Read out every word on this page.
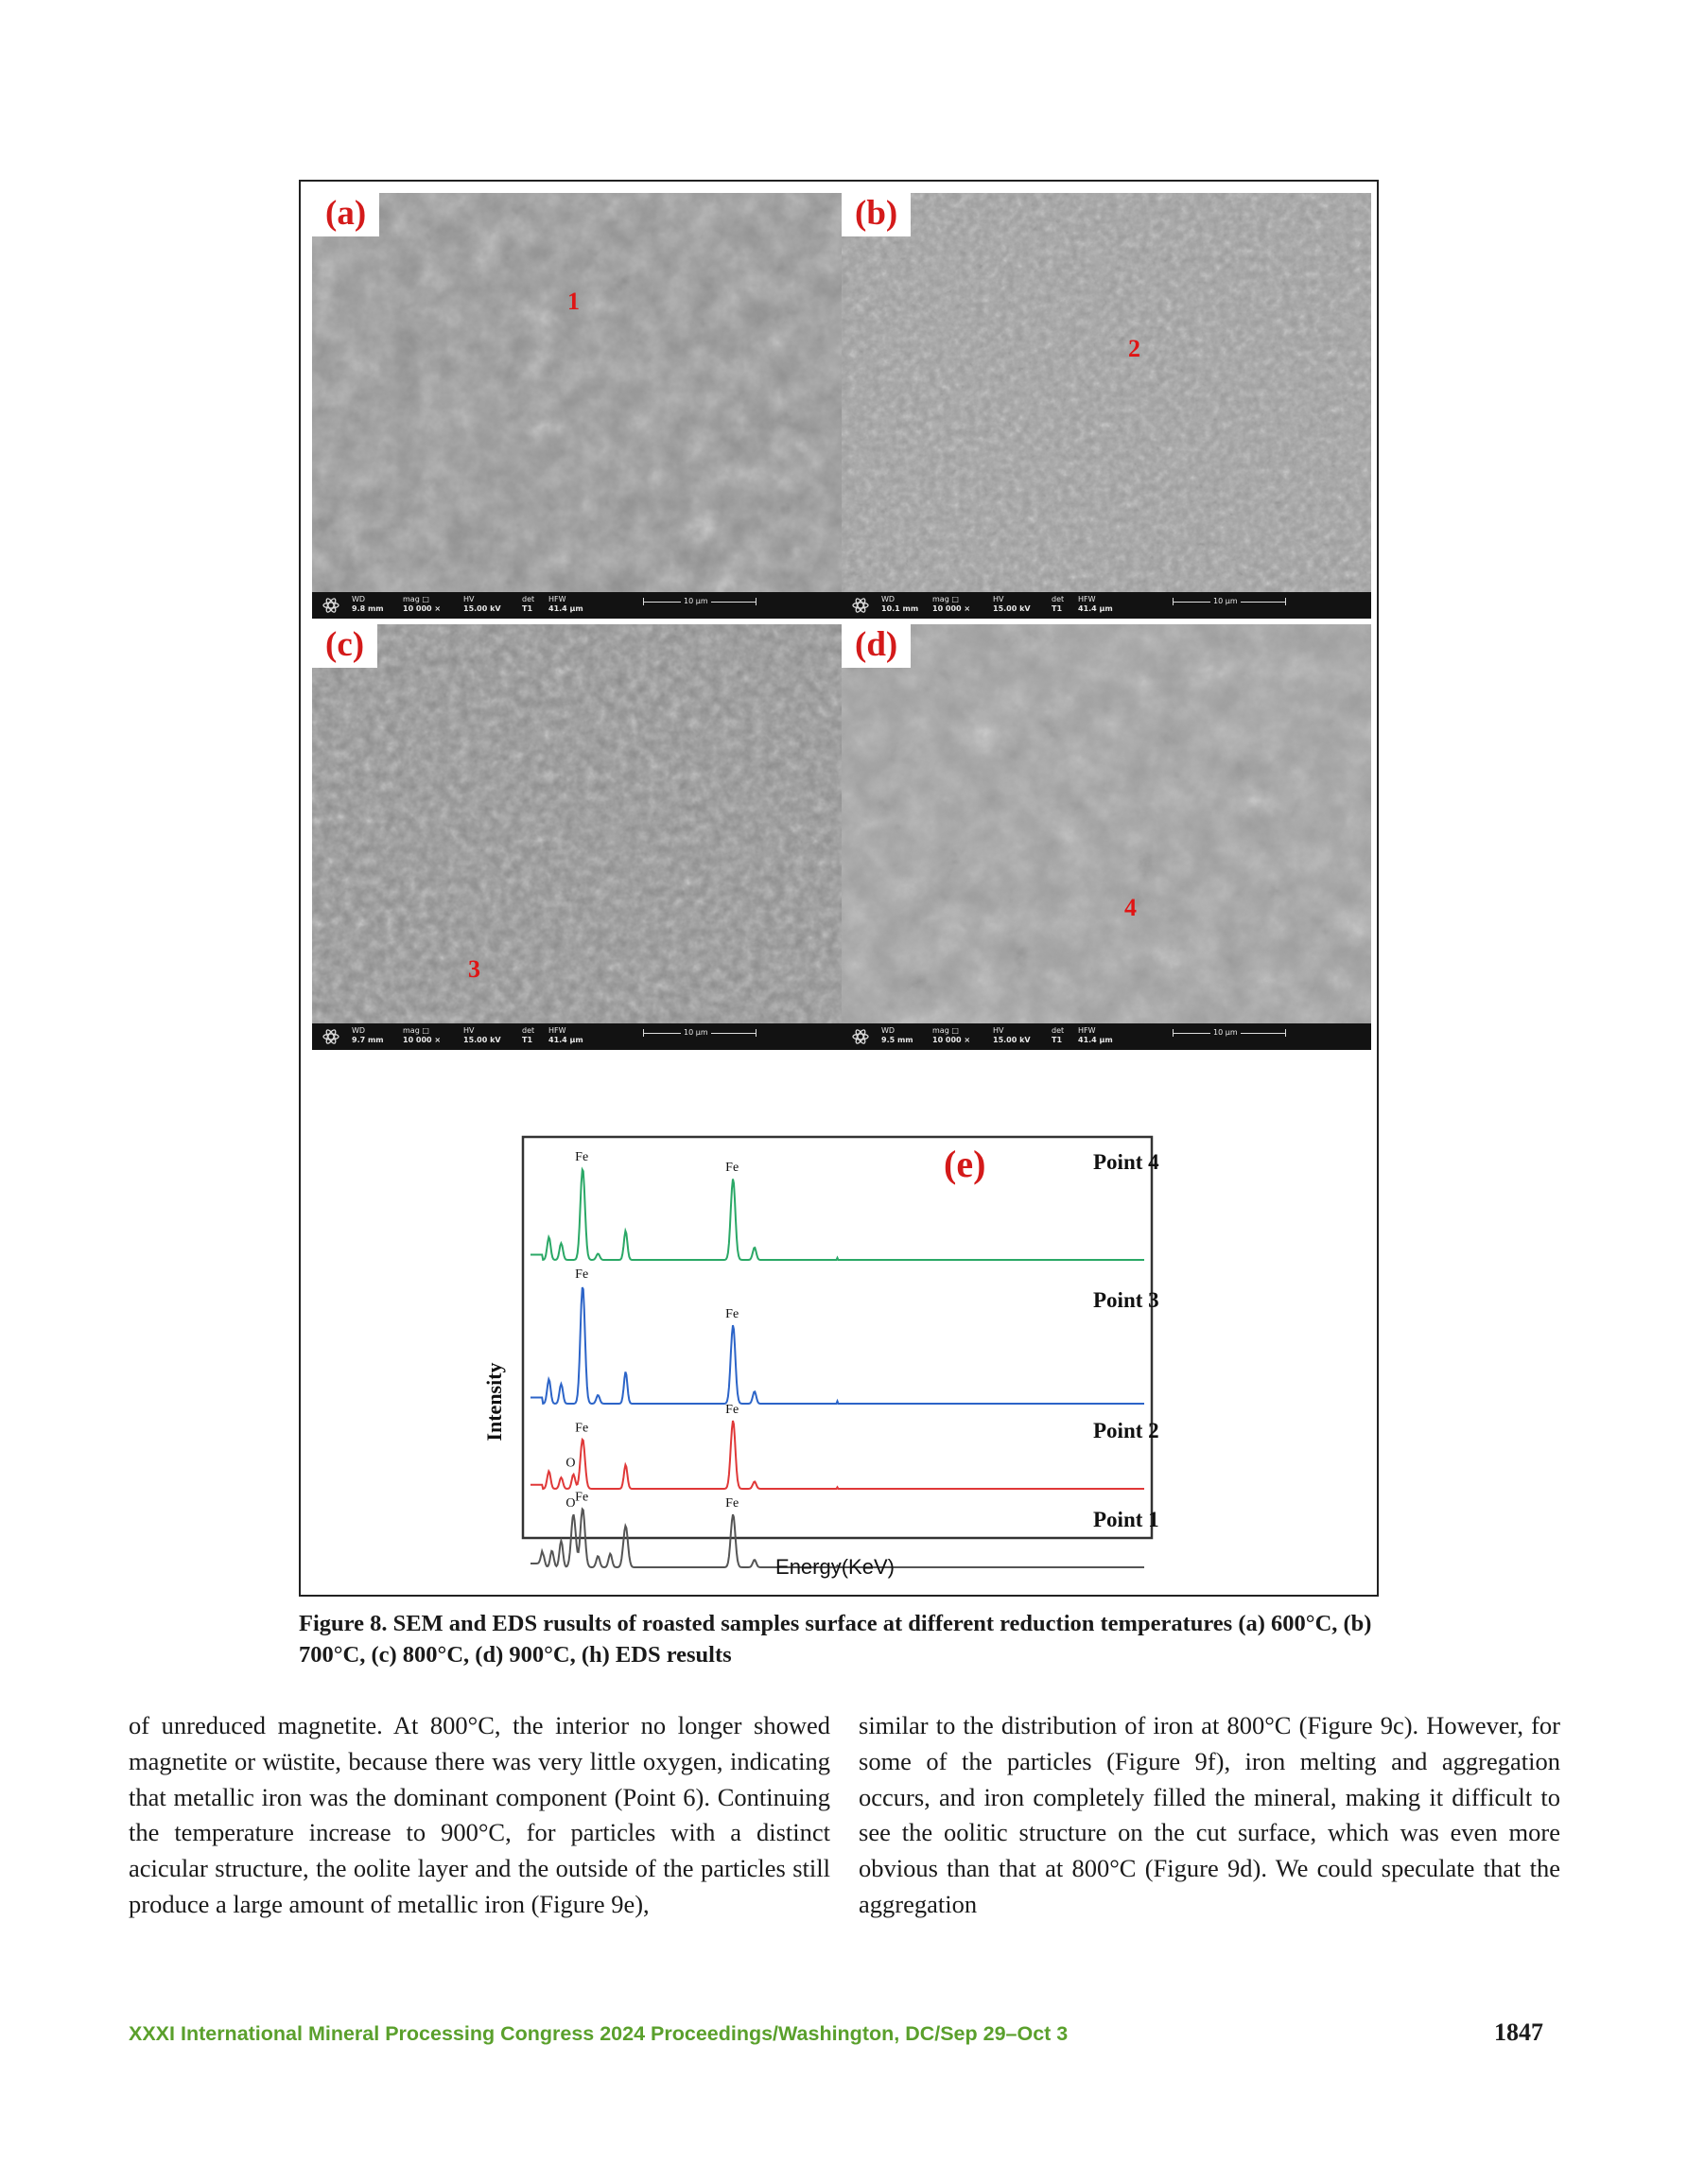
(a)
1
WD
9.8 mm
mag □
10 000 ×
HV
15.00 kV
det
T1
HFW
41.4 µm
10 µm
(b)
2
WD
10.1 mm
mag □
10 000 ×
HV
15.00 kV
det
T1
HFW
41.4 µm
10 µm
(c)
3
WD
9.7 mm
mag □
10 000 ×
HV
15.00 kV
det
T1
HFW
41.4 µm
10 µm
(d)
4
WD
9.5 mm
mag □
10 000 ×
HV
15.00 kV
det
T1
HFW
41.4 µm
10 µm
Point 4
Fe
Fe
Point 3
Fe
Fe
Point 2
O
Fe
Fe
Point 1
O Fe	Fe
(e)
Intensity
Energy(KeV)
Figure 8. SEM and EDS rusults of roasted samples surface at different reduction temperatures (a) 600°C, (b) 700°C, (c) 800°C, (d) 900°C, (h) EDS results
of unreduced magnetite. At 800°C, the interior no longer showed magnetite or wüstite, because there was very little oxygen, indicating that metallic iron was the dominant component (Point 6). Continuing the temperature increase to 900°C, for particles with a distinct acicular structure, the oolite layer and the outside of the particles still produce a large amount of metallic iron (Figure 9e),
similar to the distribution of iron at 800°C (Figure 9c). However, for some of the particles (Figure 9f), iron melting and aggregation occurs, and iron completely filled the mineral, making it difficult to see the oolitic structure on the cut surface, which was even more obvious than that at 800°C (Figure 9d). We could speculate that the aggregation
XXXI International Mineral Processing Congress 2024 Proceedings/Washington, DC/Sep 29–Oct 3	1847
